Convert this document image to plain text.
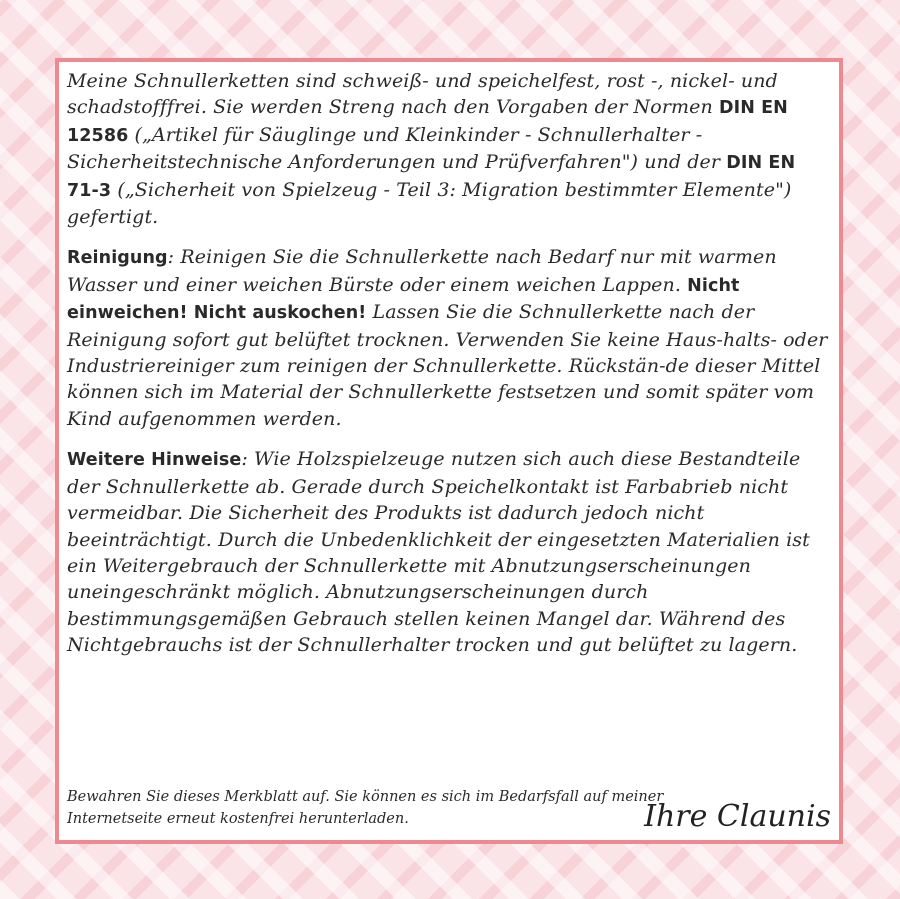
Meine Schnullerketten sind schweiß- und speichelfest, rost -, nickel- und schadstofffrei. Sie werden Streng nach den Vorgaben der Normen DIN EN 12586 („Artikel für Säuglinge und Kleinkinder - Schnullerhalter - Sicherheitstechnische Anforderungen und Prüfverfahren") und der DIN EN 71-3 („Sicherheit von Spielzeug - Teil 3: Migration bestimmter Elemente") gefertigt.

Reinigung: Reinigen Sie die Schnullerkette nach Bedarf nur mit warmen Wasser und einer weichen Bürste oder einem weichen Lappen. Nicht einweichen! Nicht auskochen! Lassen Sie die Schnullerkette nach der Reinigung sofort gut belüftet trocknen. Verwenden Sie keine Haus-halts- oder Industriereiniger zum reinigen der Schnullerkette. Rückstän-de dieser Mittel können sich im Material der Schnullerkette festsetzen und somit später vom Kind aufgenommen werden.

Weitere Hinweise: Wie Holzspielzeuge nutzen sich auch diese Bestandteile der Schnullerkette ab. Gerade durch Speichelkontakt ist Farbabrieb nicht vermeidbar. Die Sicherheit des Produkts ist dadurch jedoch nicht beeinträchtigt. Durch die Unbedenklichkeit der eingesetzten Materialien ist ein Weitergebrauch der Schnullerkette mit Abnutzungserscheinungen uneingeschränkt möglich. Abnutzungserscheinungen durch bestimmungsgemäßen Gebrauch stellen keinen Mangel dar. Während des Nichtgebrauchs ist der Schnullerhalter trocken und gut belüftet zu lagern.

Bewahren Sie dieses Merkblatt auf. Sie können es sich im Bedarfsfall auf meiner Internetseite erneut kostenfrei herunterladen.	Ihre Claunis
